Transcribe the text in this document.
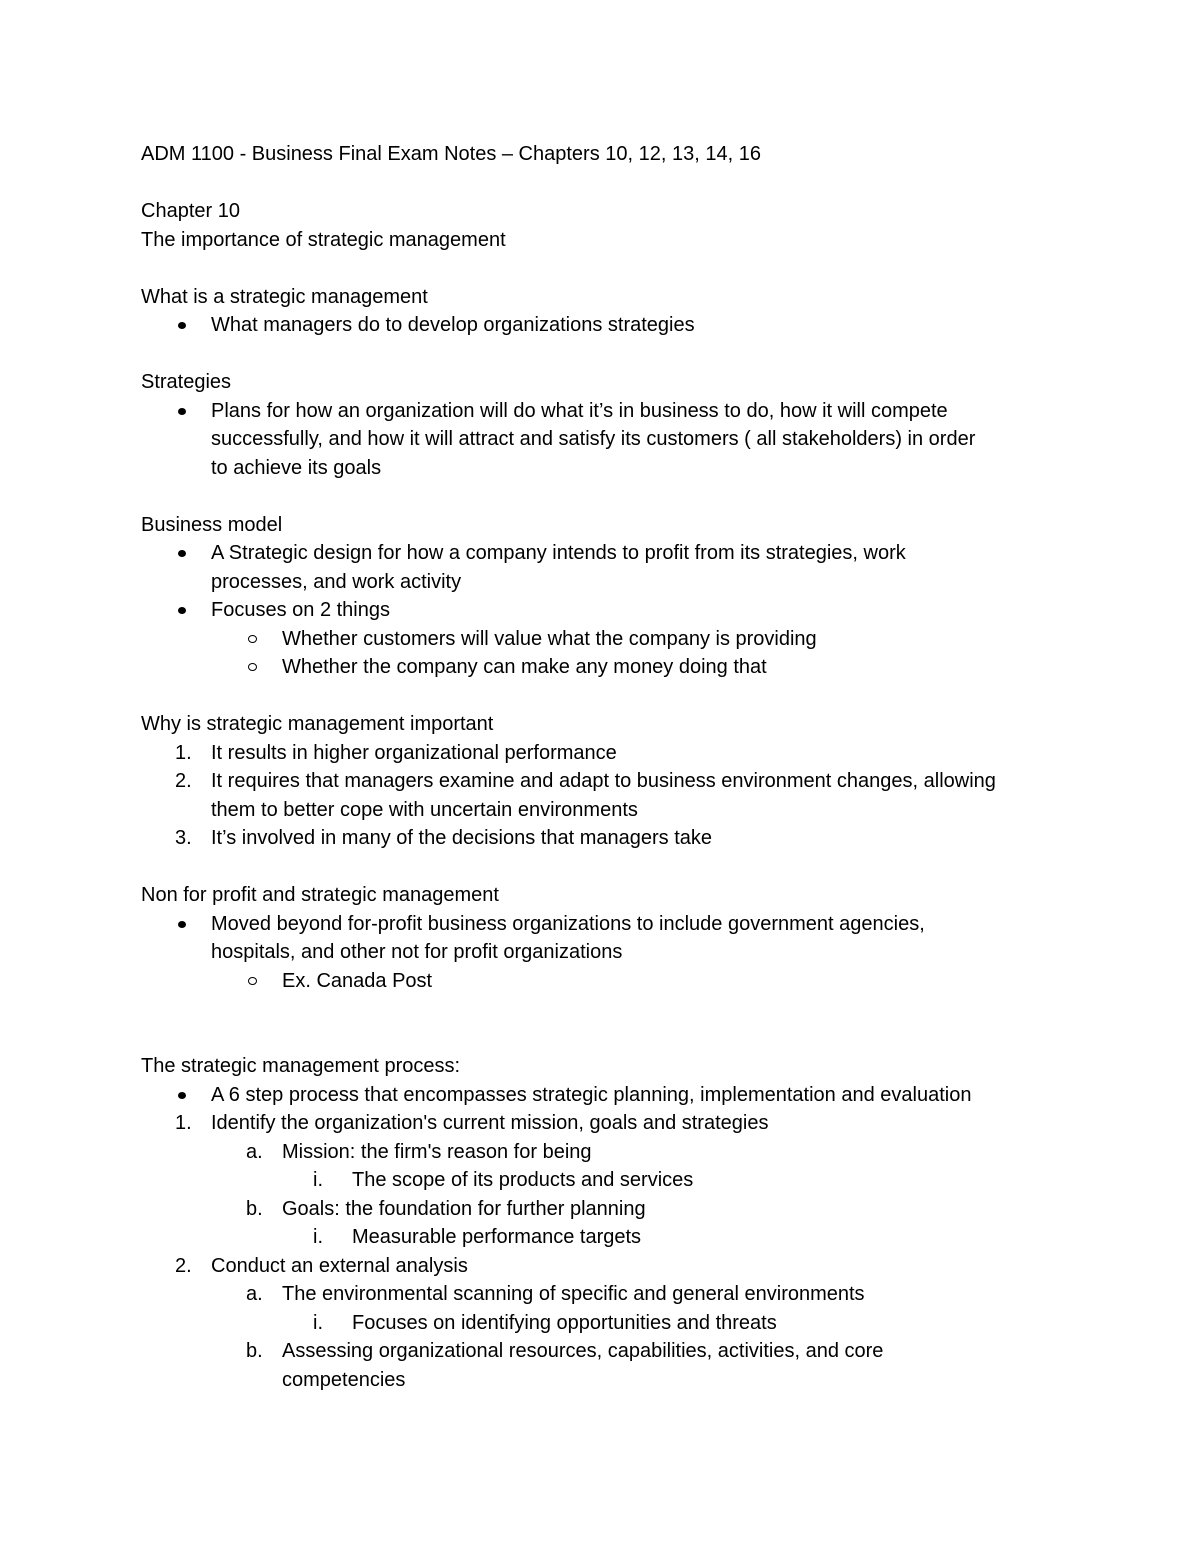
ADM 1100 - Business Final Exam Notes – Chapters 10, 12, 13, 14, 16
Chapter 10
The importance of strategic management
What is a strategic management
What managers do to develop organizations strategies
Strategies
Plans for how an organization will do what it’s in business to do, how it will compete
successfully, and how it will attract and satisfy its customers ( all stakeholders) in order
to achieve its goals
Business model
A Strategic design for how a company intends to profit from its strategies, work
processes, and work activity
Focuses on 2 things
Whether customers will value what the company is providing
Whether the company can make any money doing that
Why is strategic management important
1. It results in higher organizational performance
2. It requires that managers examine and adapt to business environment changes, allowing
them to better cope with uncertain environments
3. It’s involved in many of the decisions that managers take
Non for profit and strategic management
Moved beyond for-profit business organizations to include government agencies,
hospitals, and other not for profit organizations
Ex. Canada Post
The strategic management process:
A 6 step process that encompasses strategic planning, implementation and evaluation
1. Identify the organization's current mission, goals and strategies
a. Mission: the firm's reason for being
i. The scope of its products and services
b. Goals: the foundation for further planning
i. Measurable performance targets
2. Conduct an external analysis
a. The environmental scanning of specific and general environments
i. Focuses on identifying opportunities and threats
b. Assessing organizational resources, capabilities, activities, and core
competencies
